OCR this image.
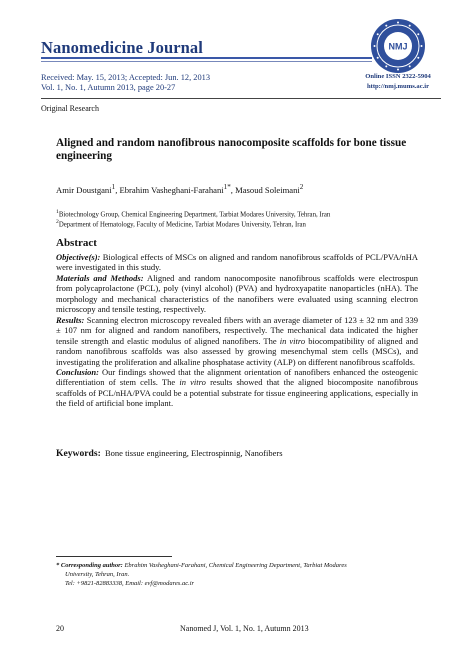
Nanomedicine Journal
Received: May. 15, 2013; Accepted: Jun. 12, 2013
Vol. 1, No. 1, Autumn 2013, page 20-27
NMJ
Online ISSN 2322-5904
http://nmj.mums.ac.ir
Original Research
Aligned and random nanofibrous nanocomposite scaffolds for bone tissue engineering
Amir Doustgani$^1$, Ebrahim Vasheghani-Farahani$^{1*}$, Masoud Soleimani$^2$
$^1$Biotechnology Group, Chemical Engineering Department, Tarbiat Modares University, Tehran, Iran
$^2$Department of Hematology, Faculty of Medicine, Tarbiat Modares University, Tehran, Iran
Abstract

Objective(s): Biological effects of MSCs on aligned and random nanofibrous scaffolds of PCL/PVA/nHA were investigated in this study.

Materials and Methods: Aligned and random nanocomposite nanofibrous scaffolds were electrospun from polycaprolactone (PCL), poly (vinyl alcohol) (PVA) and hydroxyapatite nanoparticles (nHA). The morphology and mechanical characteristics of the nanofibers were evaluated using scanning electron microscopy and tensile testing, respectively.

Results: Scanning electron microscopy revealed fibers with an average diameter of 123 ± 32 nm and 339 ± 107 nm for aligned and random nanofibers, respectively. The mechanical data indicated the higher tensile strength and elastic modulus of aligned nanofibers. The in vitro biocompatibility of aligned and random nanofibrous scaffolds was also assessed by growing mesenchymal stem cells (MSCs), and investigating the proliferation and alkaline phosphatase activity (ALP) on different nanofibrous scaffolds.

Conclusion: Our findings showed that the alignment orientation of nanofibers enhanced the osteogenic differentiation of stem cells. The in vitro results showed that the aligned biocomposite nanofibrous scaffolds of PCL/nHA/PVA could be a potential substrate for tissue engineering applications, especially in the field of artificial bone implant.

Keywords: Bone tissue engineering, Electrospinnig, Nanofibers
* Corresponding author: Ebrahim Vasheghani-Farahani, Chemical Engineering Department, Tarbiat Modares
University, Tehran, Iran.
Tel: +9821-82883338, Email: evf@modares.ac.ir
20	Nanomed J, Vol. 1, No. 1, Autumn 2013
